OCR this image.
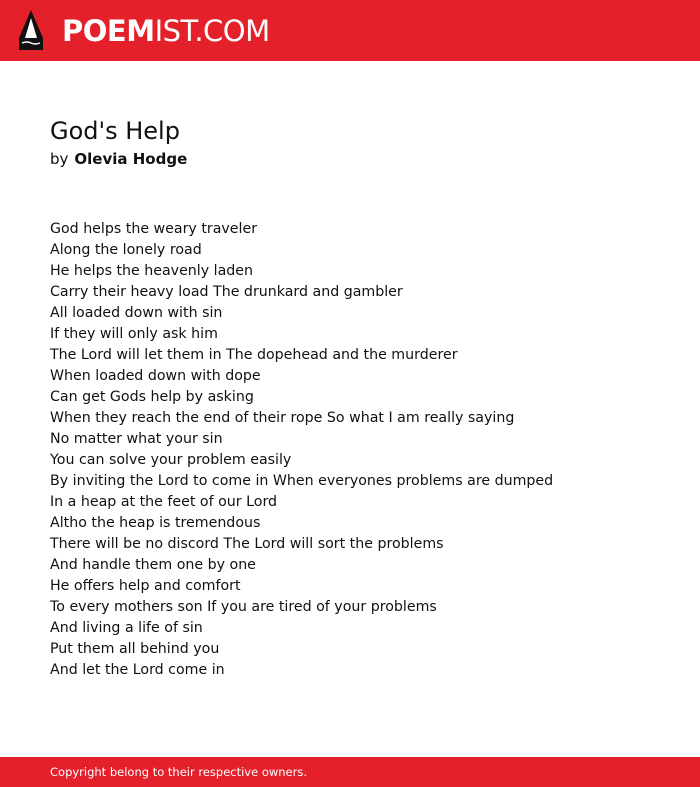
POEMIST.COM
God's Help
by Olevia Hodge
God helps the weary traveler
Along the lonely road
He helps the heavenly laden
Carry their heavy load The drunkard and gambler
All loaded down with sin
If they will only ask him
The Lord will let them in The dopehead and the murderer
When loaded down with dope
Can get Gods help by asking
When they reach the end of their rope So what I am really saying
No matter what your sin
You can solve your problem easily
By inviting the Lord to come in When everyones problems are dumped
In a heap at the feet of our Lord
Altho the heap is tremendous
There will be no discord The Lord will sort the problems
And handle them one by one
He offers help and comfort
To every mothers son If you are tired of your problems
And living a life of sin
Put them all behind you
And let the Lord come in
Copyright belong to their respective owners.
